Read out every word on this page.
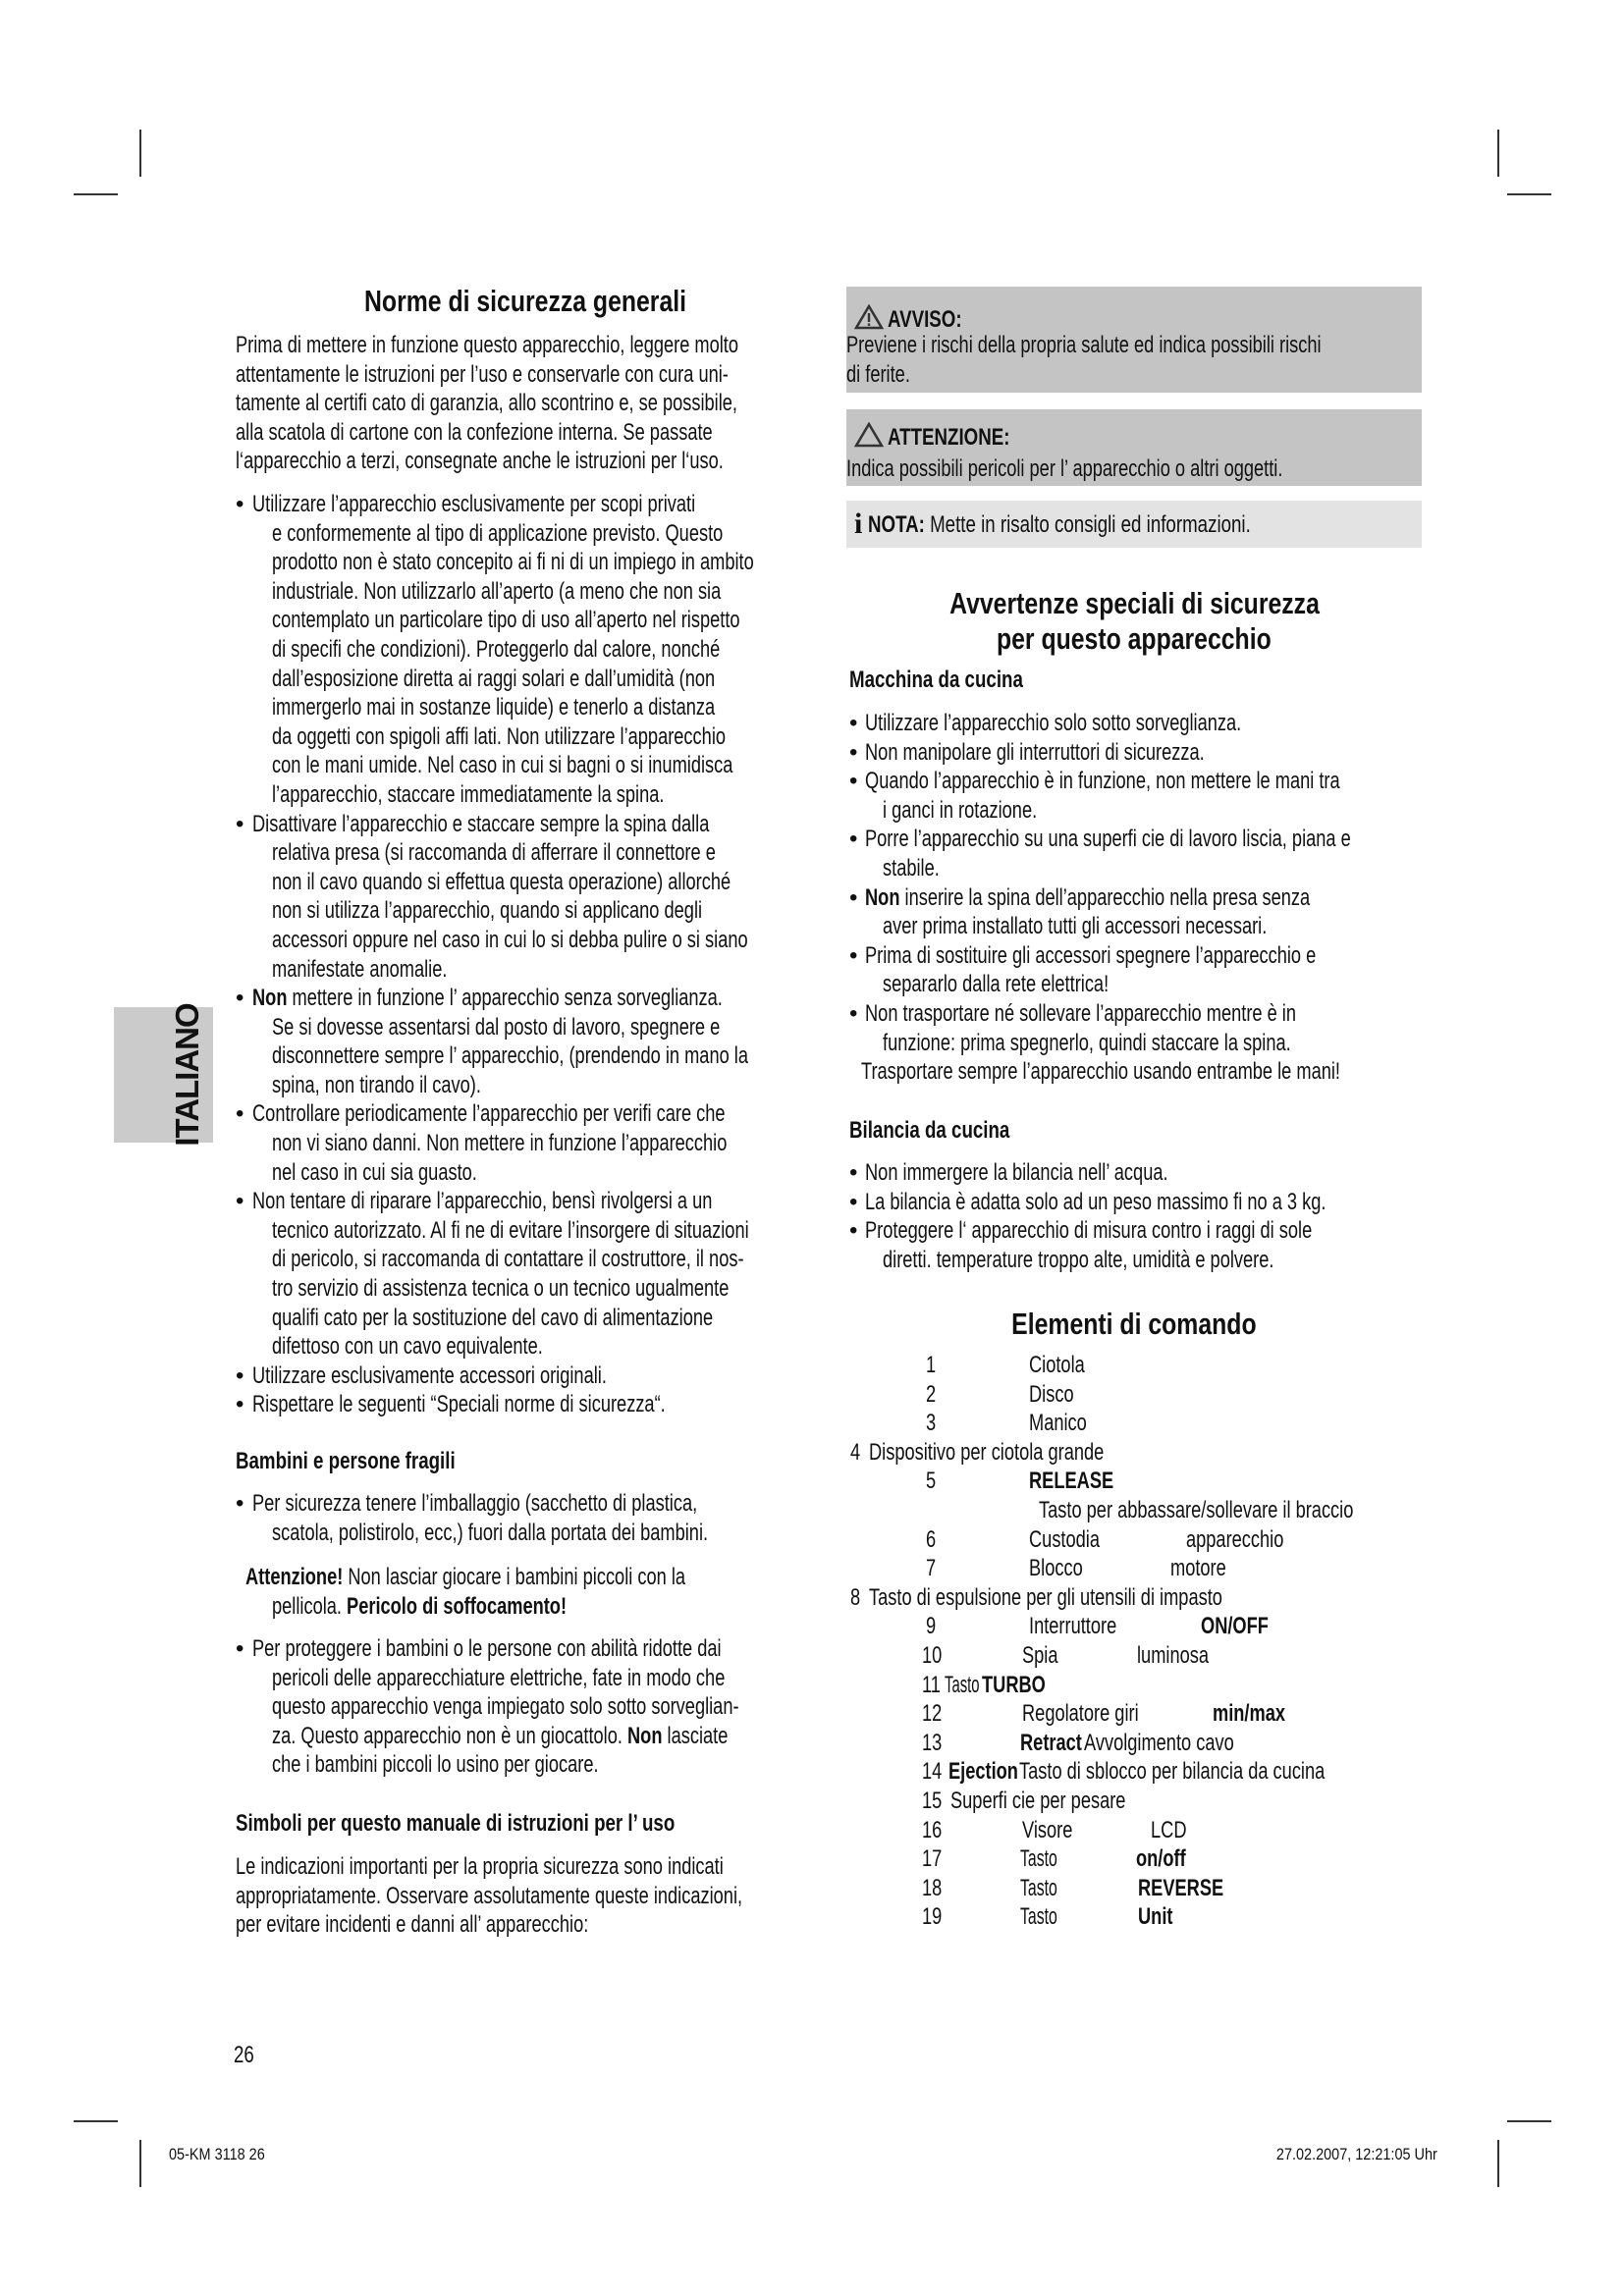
ITALIANO
Norme di sicurezza generali
Prima di mettere in funzione questo apparecchio, leggere molto
attentamente le istruzioni per l’uso e conservarle con cura uni-
tamente al certifi cato di garanzia, allo scontrino e, se possibile,
alla scatola di cartone con la confezione interna. Se passate
l‘apparecchio a terzi, consegnate anche le istruzioni per l‘uso.
• Utilizzare l’apparecchio esclusivamente per scopi privati
e conformemente al tipo di applicazione previsto. Questo
prodotto non è stato concepito ai fi ni di un impiego in ambito
industriale. Non utilizzarlo all’aperto (a meno che non sia
contemplato un particolare tipo di uso all’aperto nel rispetto
di specifi che condizioni). Proteggerlo dal calore, nonché
dall’esposizione diretta ai raggi solari e dall’umidità (non
immergerlo mai in sostanze liquide) e tenerlo a distanza
da oggetti con spigoli affi lati. Non utilizzare l’apparecchio
con le mani umide. Nel caso in cui si bagni o si inumidisca
l’apparecchio, staccare immediatamente la spina.
• Disattivare l’apparecchio e staccare sempre la spina dalla
relativa presa (si raccomanda di afferrare il connettore e
non il cavo quando si effettua questa operazione) allorché
non si utilizza l’apparecchio, quando si applicano degli
accessori oppure nel caso in cui lo si debba pulire o si siano
manifestate anomalie.
• Non mettere in funzione l’ apparecchio senza sorveglianza.
Se si dovesse assentarsi dal posto di lavoro, spegnere e
disconnettere sempre l’ apparecchio, (prendendo in mano la
spina, non tirando il cavo).
• Controllare periodicamente l’apparecchio per verifi care che
non vi siano danni. Non mettere in funzione l’apparecchio
nel caso in cui sia guasto.
• Non tentare di riparare l’apparecchio, bensì rivolgersi a un
tecnico autorizzato. Al fi ne di evitare l’insorgere di situazioni
di pericolo, si raccomanda di contattare il costruttore, il nos-
tro servizio di assistenza tecnica o un tecnico ugualmente
qualifi cato per la sostituzione del cavo di alimentazione
difettoso con un cavo equivalente.
• Utilizzare esclusivamente accessori originali.
• Rispettare le seguenti “Speciali norme di sicurezza“.
Bambini e persone fragili
• Per sicurezza tenere l’imballaggio (sacchetto di plastica,
scatola, polistirolo, ecc,) fuori dalla portata dei bambini.
Attenzione! Non lasciar giocare i bambini piccoli con la
pellicola. Pericolo di soffocamento!
• Per proteggere i bambini o le persone con abilità ridotte dai
pericoli delle apparecchiature elettriche, fate in modo che
questo apparecchio venga impiegato solo sotto sorveglian-
za. Questo apparecchio non è un giocattolo. Non lasciate
che i bambini piccoli lo usino per giocare.
Simboli per questo manuale di istruzioni per l’ uso
Le indicazioni importanti per la propria sicurezza sono indicati
appropriatamente. Osservare assolutamente queste indicazioni,
per evitare incidenti e danni all’ apparecchio:
26
AVVISO:
Previene i rischi della propria salute ed indica possibili rischi
di ferite.
ATTENZIONE:
Indica possibili pericoli per l’ apparecchio o altri oggetti.
i NOTA: Mette in risalto consigli ed informazioni.
Avvertenze speciali di sicurezza
per questo apparecchio
Macchina da cucina
• Utilizzare l’apparecchio solo sotto sorveglianza.
• Non manipolare gli interruttori di sicurezza.
• Quando l’apparecchio è in funzione, non mettere le mani tra
i ganci in rotazione.
• Porre l’apparecchio su una superfi cie di lavoro liscia, piana e
stabile.
• Non inserire la spina dell’apparecchio nella presa senza
aver prima installato tutti gli accessori necessari.
• Prima di sostituire gli accessori spegnere l’apparecchio e
separarlo dalla rete elettrica!
• Non trasportare né sollevare l’apparecchio mentre è in
funzione: prima spegnerlo, quindi staccare la spina.
Trasportare sempre l’apparecchio usando entrambe le mani!
Bilancia da cucina
• Non immergere la bilancia nell’ acqua.
• La bilancia è adatta solo ad un peso massimo fi no a 3 kg.
• Proteggere l‘ apparecchio di misura contro i raggi di sole
diretti. temperature troppo alte, umidità e polvere.
Elementi di comando
1	Ciotola
2	Disco
3	Manico
4 Dispositivo per ciotola grande
5	RELEASE
Tasto per abbassare/sollevare il braccio
6	Custodia	apparecchio
7	Blocco	motore
8 Tasto di espulsione per gli utensili di impasto
9	Interruttore	ON/OFF
10	Spia	luminosa
11 Tasto TURBO
12	Regolatore giri	min/max
13	Retract Avvolgimento cavo
14 Ejection Tasto di sblocco per bilancia da cucina
15 Superfi cie per pesare
16	Visore	LCD
17	Tasto	on/off
18	Tasto	REVERSE
19	Tasto	Unit
05-KM 3118 26	27.02.2007, 12:21:05 Uhr
